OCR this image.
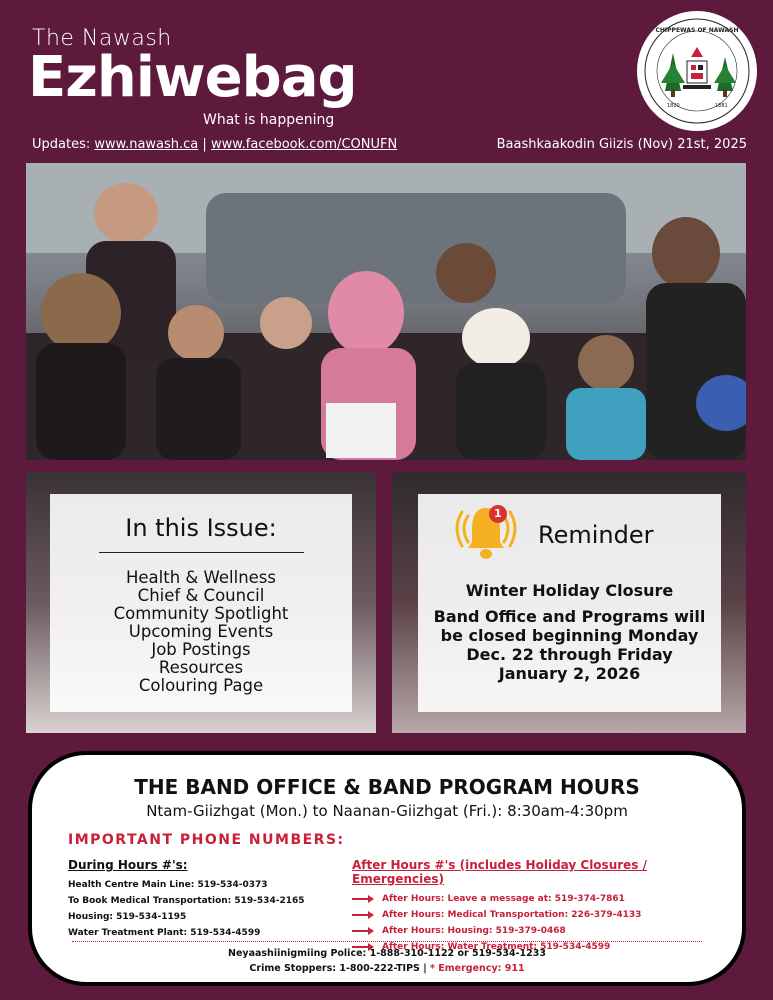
The Nawash
Ezhiwebag
What is happening
Updates: www.nawash.ca | www.facebook.com/CONUFN	Baashkaakodin Giizis (Nov) 21st, 2025
CHIPPEWAS OF NAWASH
1820	1881
In this Issue:
Health & Wellness
Chief & Council
Community Spotlight
Upcoming Events
Job Postings
Resources
Colouring Page
1
Reminder
Winter Holiday Closure
Band Office and Programs will
be closed beginning Monday
Dec. 22 through Friday
January 2, 2026
THE BAND OFFICE & BAND PROGRAM HOURS
Ntam-Giizhgat (Mon.) to Naanan-Giizhgat (Fri.): 8:30am-4:30pm
IMPORTANT PHONE NUMBERS:
During Hours #'s:
Health Centre Main Line: 519-534-0373
To Book Medical Transportation: 519-534-2165
Housing: 519-534-1195
Water Treatment Plant: 519-534-4599
After Hours #'s (includes Holiday Closures / Emergencies)
After Hours: Leave a message at: 519-374-7861
After Hours: Medical Transportation: 226-379-4133
After Hours: Housing: 519-379-0468
After Hours: Water Treatment: 519-534-4599
Neyaashiinigmiing Police: 1-888-310-1122 or 519-534-1233
Crime Stoppers: 1-800-222-TIPS | * Emergency: 911
